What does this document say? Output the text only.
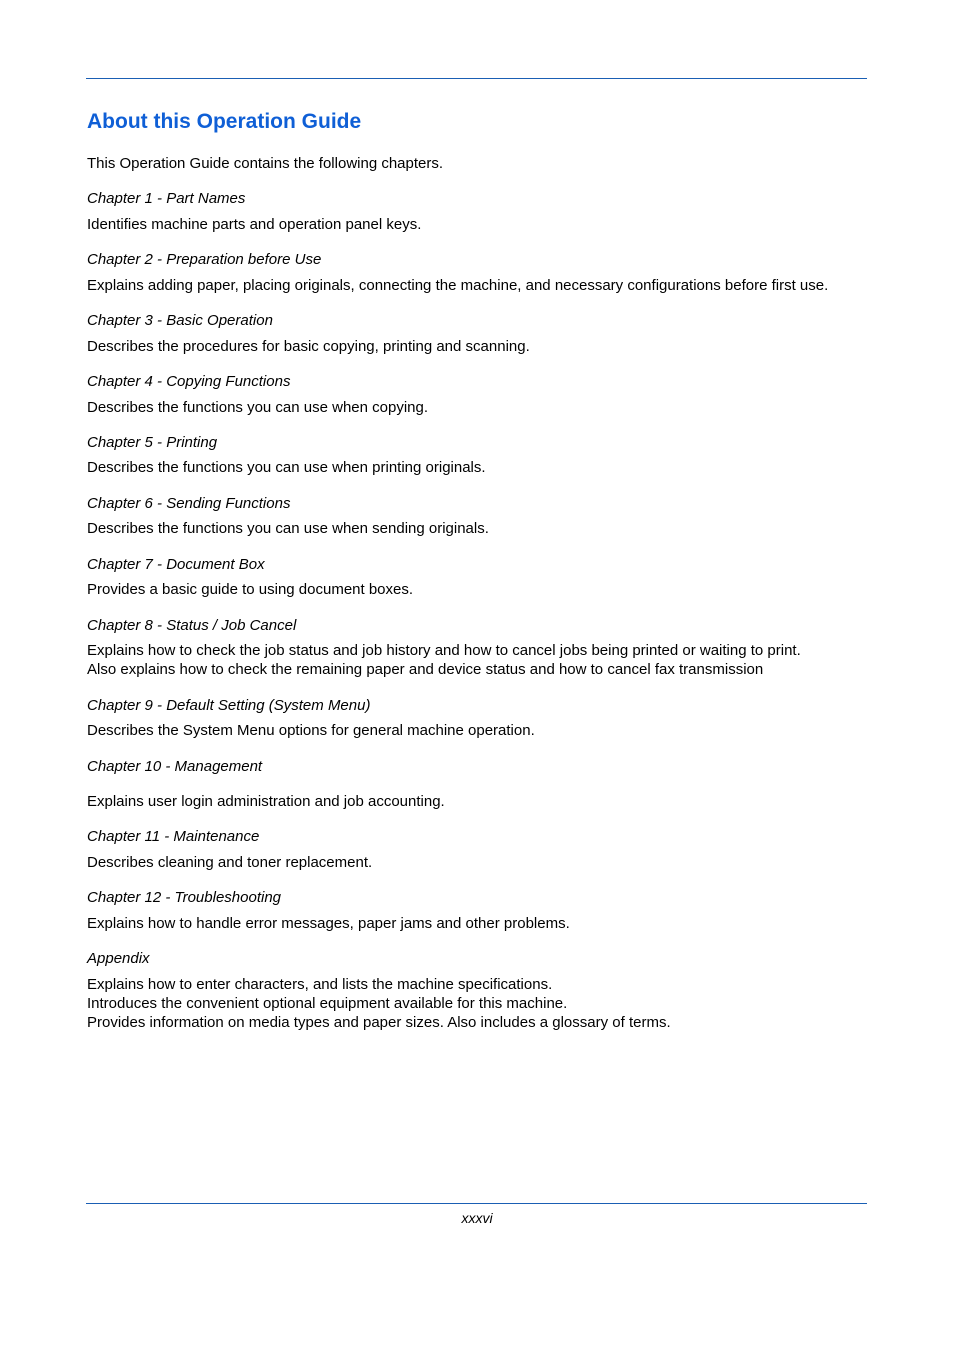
About this Operation Guide

This Operation Guide contains the following chapters.

Chapter 1 - Part Names

Identifies machine parts and operation panel keys.

Chapter 2 - Preparation before Use

Explains adding paper, placing originals, connecting the machine, and necessary configurations before first use.

Chapter 3 - Basic Operation

Describes the procedures for basic copying, printing and scanning.

Chapter 4 - Copying Functions

Describes the functions you can use when copying.

Chapter 5 - Printing

Describes the functions you can use when printing originals.

Chapter 6 - Sending Functions

Describes the functions you can use when sending originals.

Chapter 7 - Document Box

Provides a basic guide to using document boxes.

Chapter 8 - Status / Job Cancel

Explains how to check the job status and job history and how to cancel jobs being printed or waiting to print.

Also explains how to check the remaining paper and device status and how to cancel fax transmission

Chapter 9 - Default Setting (System Menu)

Describes the System Menu options for general machine operation.

Chapter 10 - Management

Explains user login administration and job accounting.

Chapter 11 - Maintenance

Describes cleaning and toner replacement.

Chapter 12 - Troubleshooting

Explains how to handle error messages, paper jams and other problems.

Appendix

Explains how to enter characters, and lists the machine specifications.

Introduces the convenient optional equipment available for this machine.

Provides information on media types and paper sizes. Also includes a glossary of terms.

xxxvi
